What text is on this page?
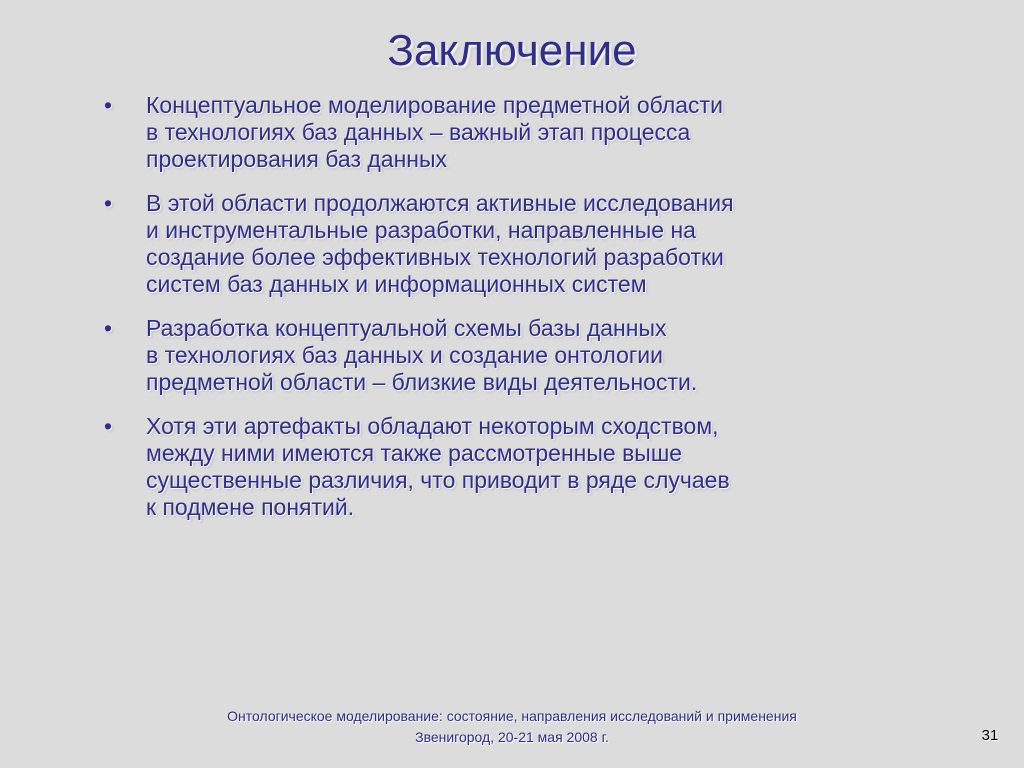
Заключение
• Концептуальное моделирование предметной области
в технологиях баз данных – важный этап процесса
проектирования баз данных
• В этой области продолжаются активные исследования
и инструментальные разработки, направленные на
создание более эффективных технологий разработки
систем баз данных и информационных систем
• Разработка концептуальной схемы базы данных
в технологиях баз данных и создание онтологии
предметной области – близкие виды деятельности.
• Хотя эти артефакты обладают некоторым сходством,
между ними имеются также рассмотренные выше
существенные различия, что приводит в ряде случаев
к подмене понятий.
Онтологическое моделирование: состояние, направления исследований и применения
Звенигород, 20-21 мая 2008 г.	31
